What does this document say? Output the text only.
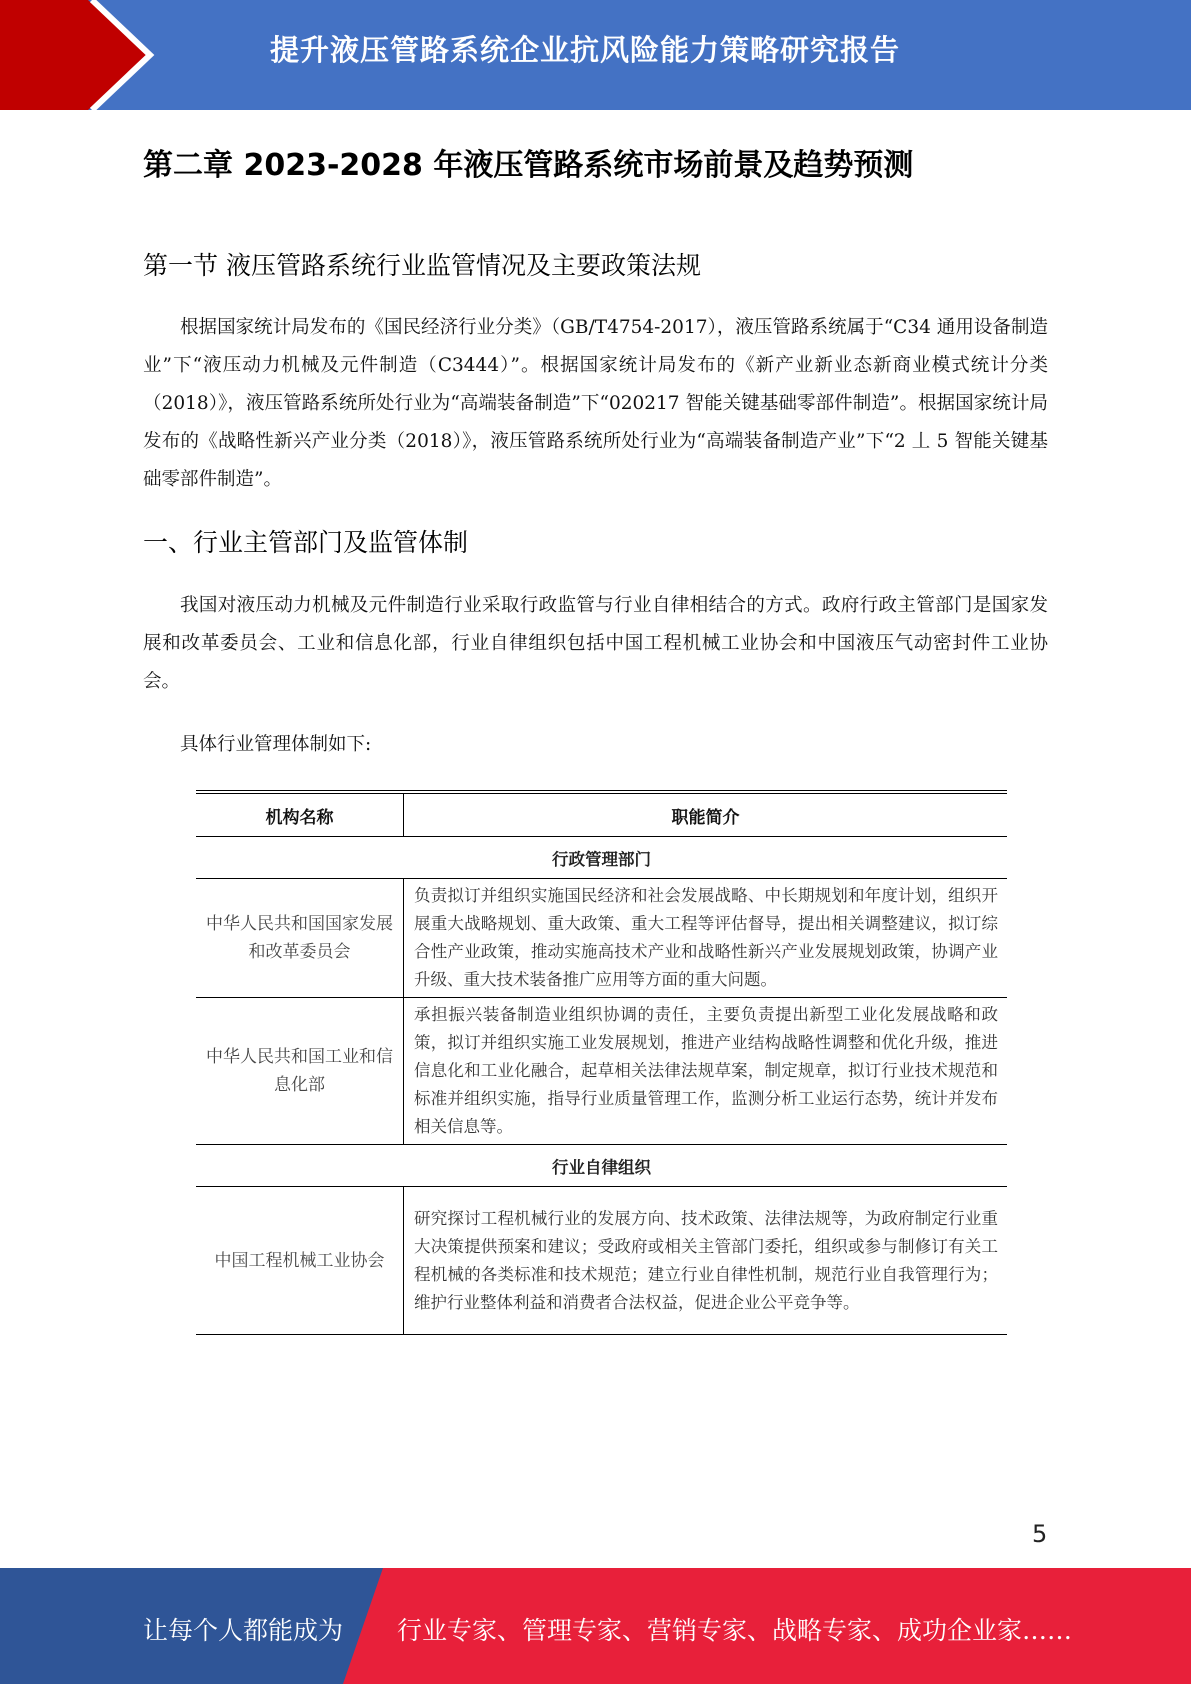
提升液压管路系统企业抗风险能力策略研究报告
第二章 2023-2028 年液压管路系统市场前景及趋势预测
第一节 液压管路系统行业监管情况及主要政策法规

根据国家统计局发布的《国民经济行业分类》（GB/T4754-2017），液压管路系统属于“C34 通用设备制造业”下“液压动力机械及元件制造（C3444）”。根据国家统计局发布的《新产业新业态新商业模式统计分类（2018）》，液压管路系统所处行业为“高端装备制造”下“020217 智能关键基础零部件制造”。根据国家统计局发布的《战略性新兴产业分类（2018）》，液压管路系统所处行业为“高端装备制造产业”下“2 丄 5 智能关键基础零部件制造”。

一、行业主管部门及监管体制

我国对液压动力机械及元件制造行业采取行政监管与行业自律相结合的方式。政府行政主管部门是国家发展和改革委员会、工业和信息化部，行业自律组织包括中国工程机械工业协会和中国液压气动密封件工业协会。

具体行业管理体制如下:

机构名称	职能简介
行政管理部门	
中华人民共和国国家发展和改革委员会	负责拟订并组织实施国民经济和社会发展战略、中长期规划和年度计划，组织开展重大战略规划、重大政策、重大工程等评估督导，提出相关调整建议，拟订综合性产业政策，推动实施高技术产业和战略性新兴产业发展规划政策，协调产业升级、重大技术装备推广应用等方面的重大问题。
中华人民共和国工业和信息化部	承担振兴装备制造业组织协调的责任，主要负责提出新型工业化发展战略和政策，拟订并组织实施工业发展规划，推进产业结构战略性调整和优化升级，推进信息化和工业化融合，起草相关法律法规草案，制定规章，拟订行业技术规范和标准并组织实施，指导行业质量管理工作，监测分析工业运行态势，统计并发布相关信息等。
行业自律组织	
中国工程机械工业协会	研究探讨工程机械行业的发展方向、技术政策、法律法规等，为政府制定行业重大决策提供预案和建议；受政府或相关主管部门委托，组织或参与制修订有关工程机械的各类标准和技术规范；建立行业自律性机制，规范行业自我管理行为；维护行业整体利益和消费者合法权益，促进企业公平竞争等。
5
让每个人都能成为 行业专家、管理专家、营销专家、战略专家、成功企业家……
